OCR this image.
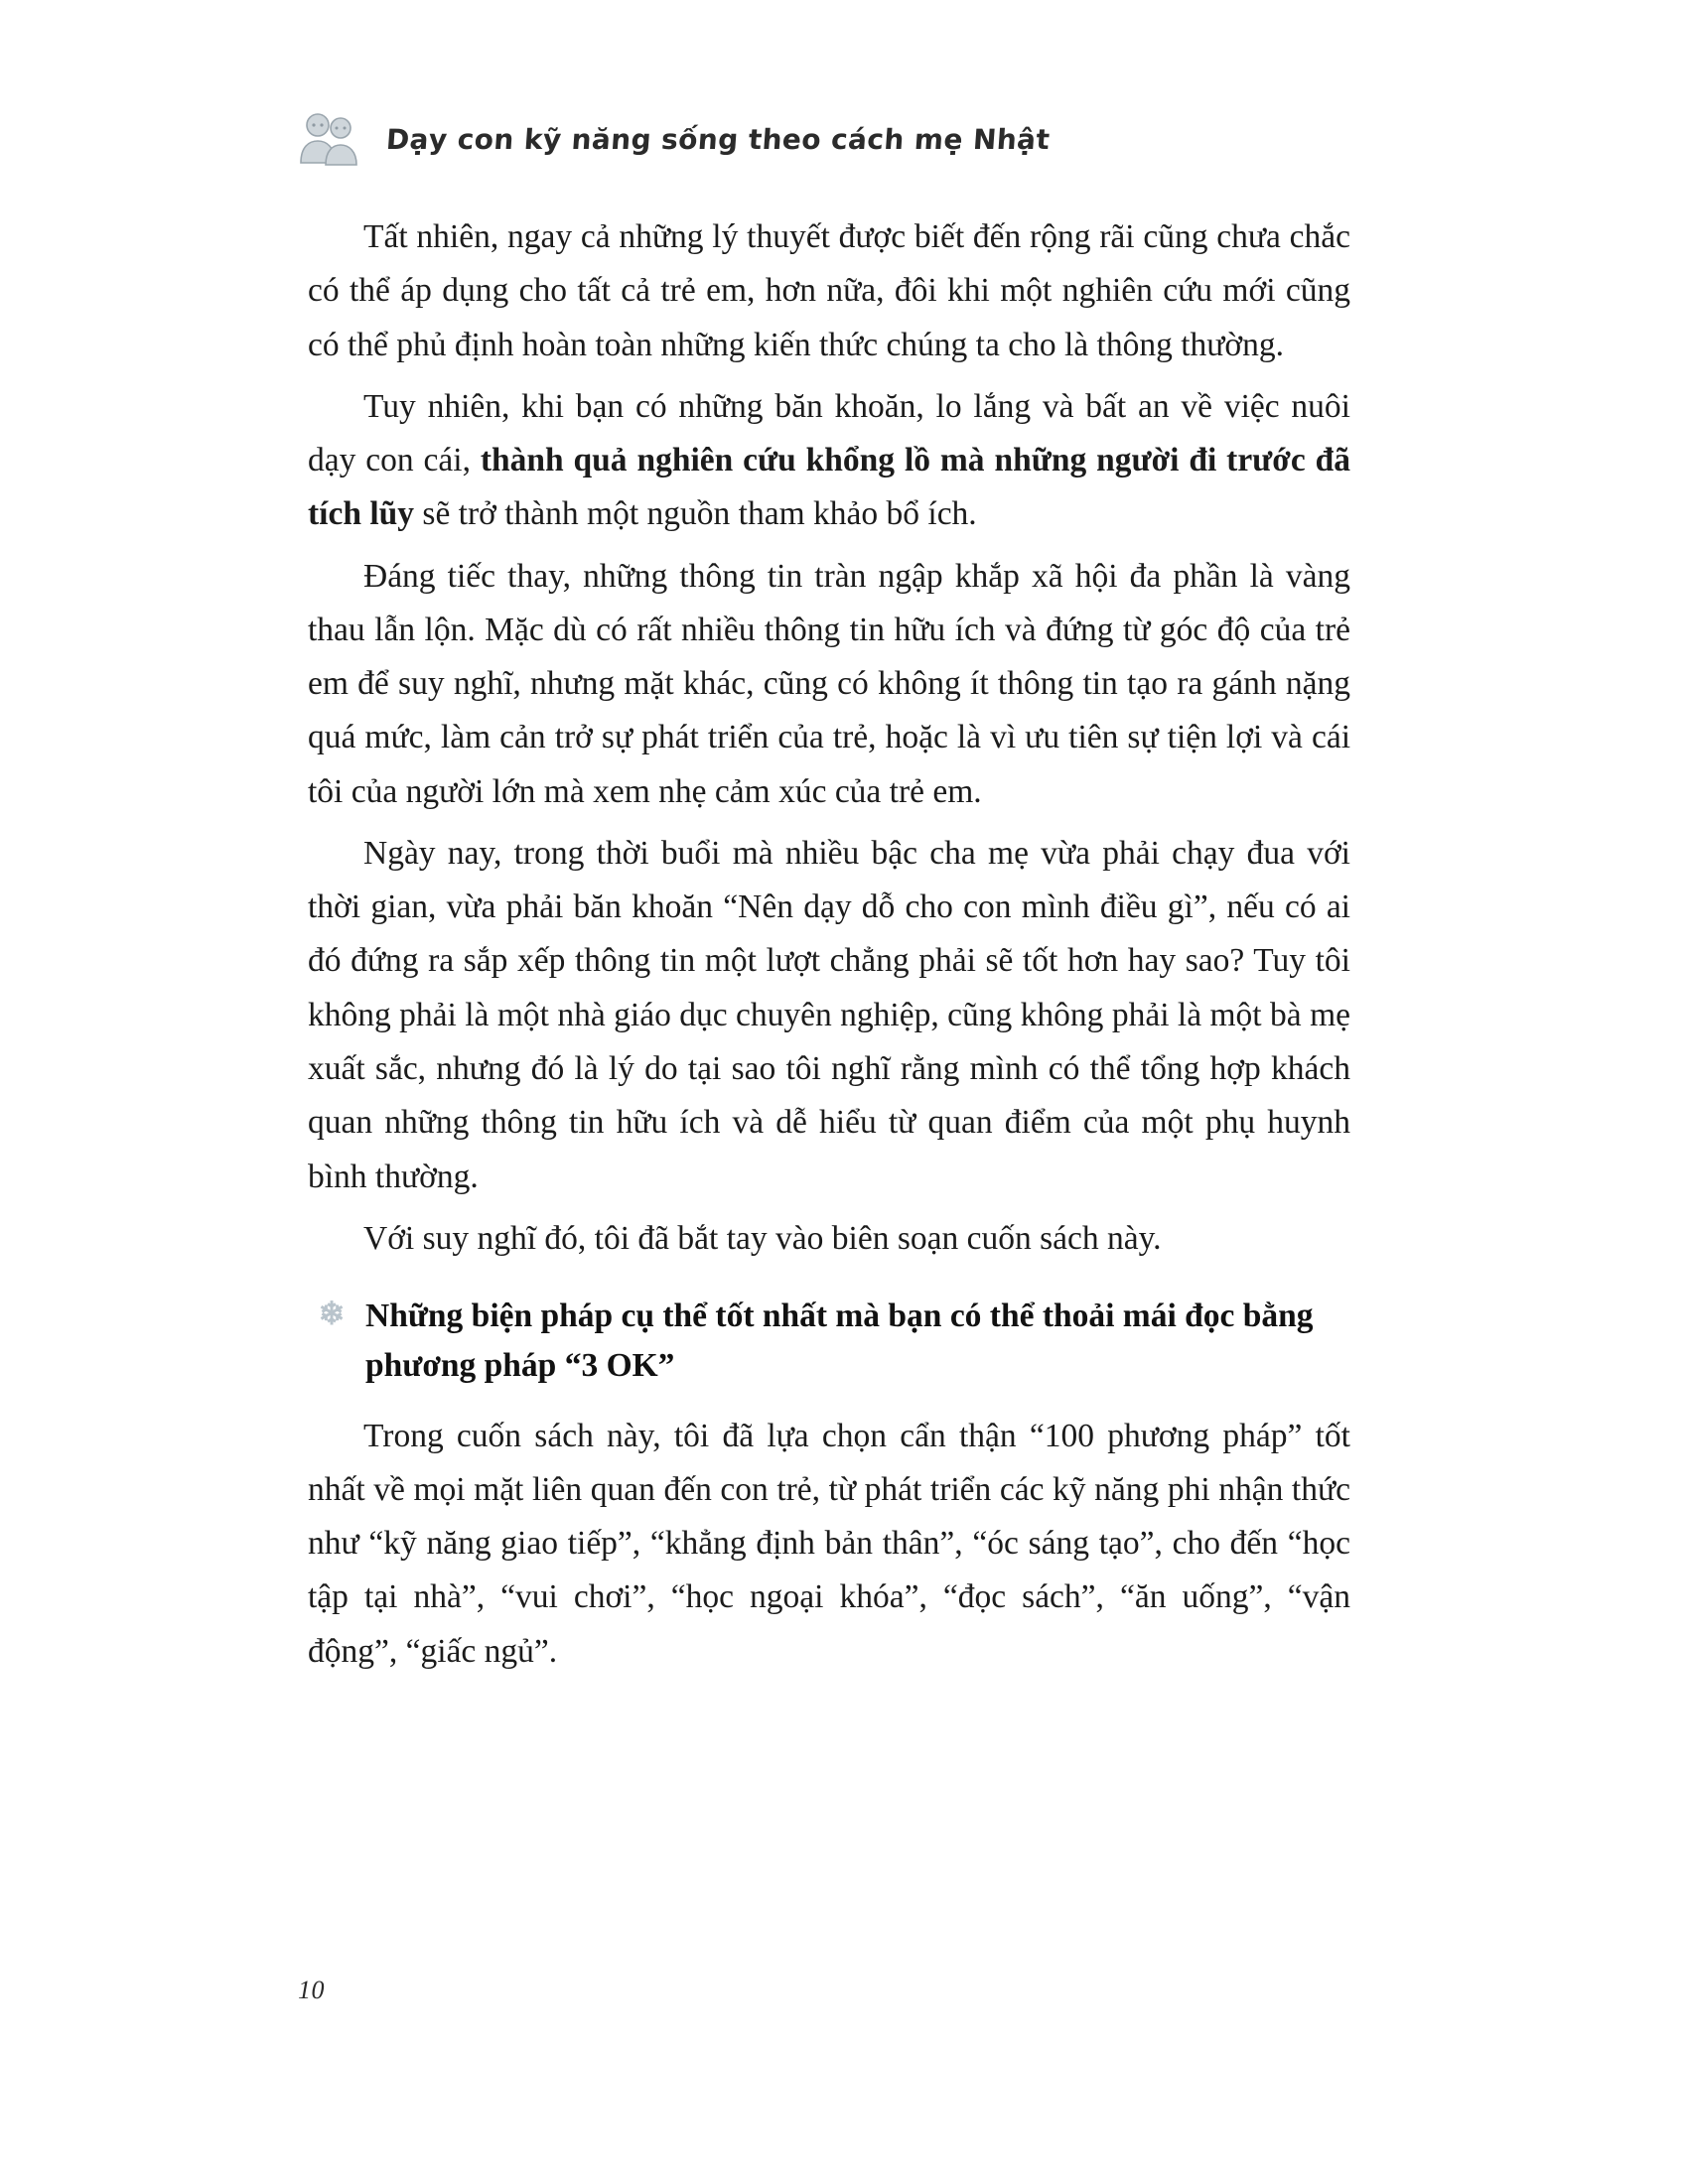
Dạy con kỹ năng sống theo cách mẹ Nhật

Tất nhiên, ngay cả những lý thuyết được biết đến rộng rãi cũng chưa chắc có thể áp dụng cho tất cả trẻ em, hơn nữa, đôi khi một nghiên cứu mới cũng có thể phủ định hoàn toàn những kiến thức chúng ta cho là thông thường.

Tuy nhiên, khi bạn có những băn khoăn, lo lắng và bất an về việc nuôi dạy con cái, thành quả nghiên cứu khổng lồ mà những người đi trước đã tích lũy sẽ trở thành một nguồn tham khảo bổ ích.

Đáng tiếc thay, những thông tin tràn ngập khắp xã hội đa phần là vàng thau lẫn lộn. Mặc dù có rất nhiều thông tin hữu ích và đứng từ góc độ của trẻ em để suy nghĩ, nhưng mặt khác, cũng có không ít thông tin tạo ra gánh nặng quá mức, làm cản trở sự phát triển của trẻ, hoặc là vì ưu tiên sự tiện lợi và cái tôi của người lớn mà xem nhẹ cảm xúc của trẻ em.

Ngày nay, trong thời buổi mà nhiều bậc cha mẹ vừa phải chạy đua với thời gian, vừa phải băn khoăn “Nên dạy dỗ cho con mình điều gì”, nếu có ai đó đứng ra sắp xếp thông tin một lượt chẳng phải sẽ tốt hơn hay sao? Tuy tôi không phải là một nhà giáo dục chuyên nghiệp, cũng không phải là một bà mẹ xuất sắc, nhưng đó là lý do tại sao tôi nghĩ rằng mình có thể tổng hợp khách quan những thông tin hữu ích và dễ hiểu từ quan điểm của một phụ huynh bình thường.

Với suy nghĩ đó, tôi đã bắt tay vào biên soạn cuốn sách này.

❄ Những biện pháp cụ thể tốt nhất mà bạn có thể thoải mái đọc bằng phương pháp “3 OK”

Trong cuốn sách này, tôi đã lựa chọn cẩn thận “100 phương pháp” tốt nhất về mọi mặt liên quan đến con trẻ, từ phát triển các kỹ năng phi nhận thức như “kỹ năng giao tiếp”, “khẳng định bản thân”, “óc sáng tạo”, cho đến “học tập tại nhà”, “vui chơi”, “học ngoại khóa”, “đọc sách”, “ăn uống”, “vận động”, “giấc ngủ”.

10
